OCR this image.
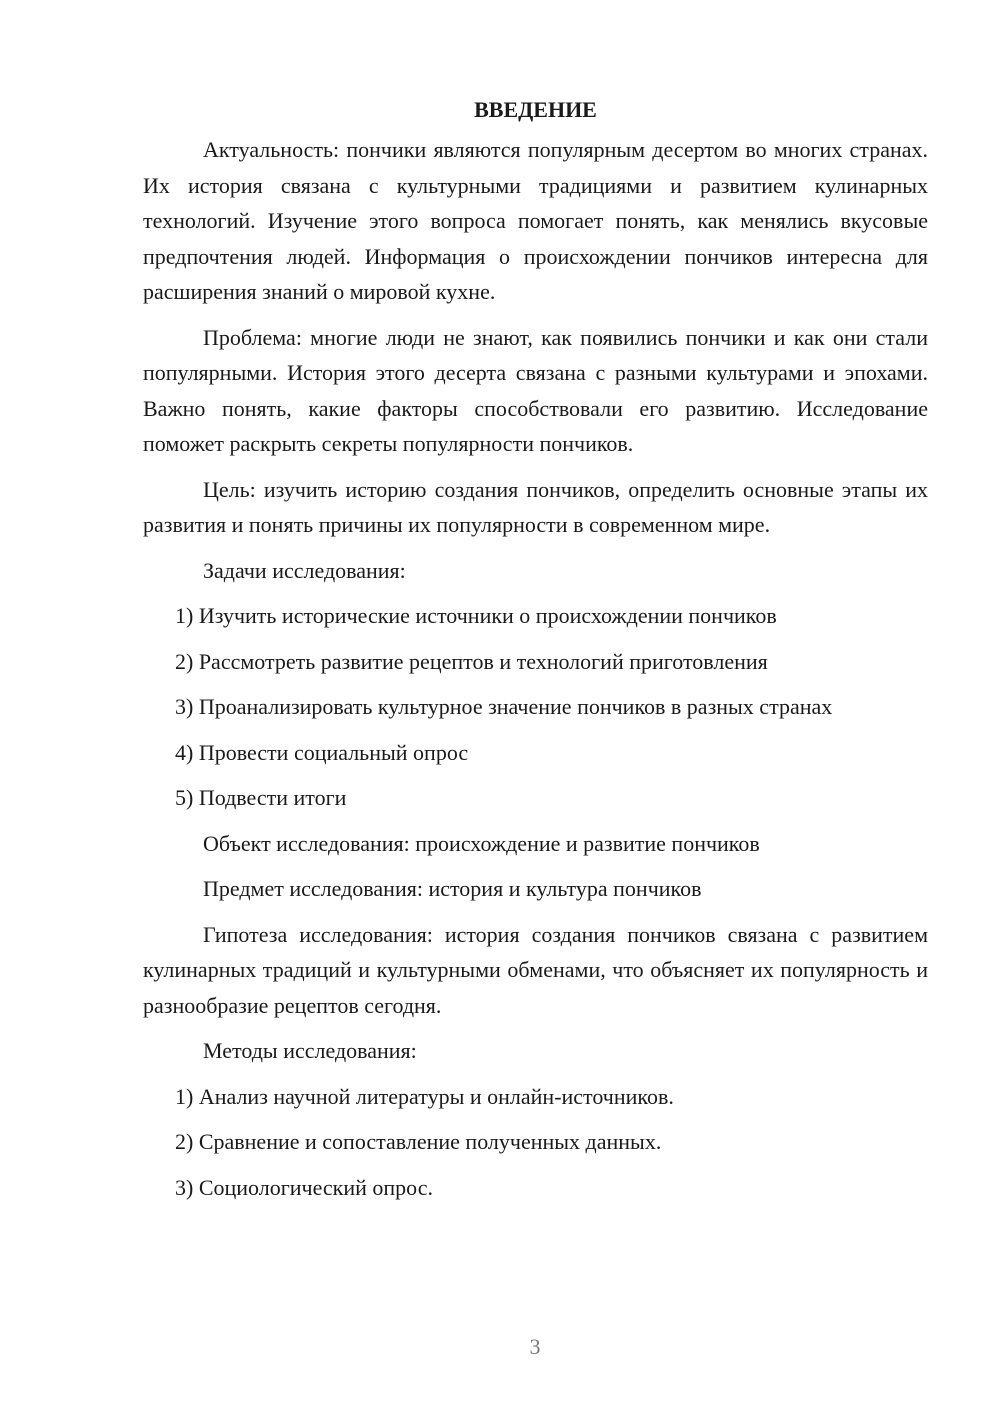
ВВЕДЕНИЕ

Актуальность: пончики являются популярным десертом во многих странах. Их история связана с культурными традициями и развитием кулинарных технологий. Изучение этого вопроса помогает понять, как менялись вкусовые предпочтения людей. Информация о происхождении пончиков интересна для расширения знаний о мировой кухне.

Проблема: многие люди не знают, как появились пончики и как они стали популярными. История этого десерта связана с разными культурами и эпохами. Важно понять, какие факторы способствовали его развитию. Исследование поможет раскрыть секреты популярности пончиков.

Цель: изучить историю создания пончиков, определить основные этапы их развития и понять причины их популярности в современном мире.

Задачи исследования:

1) Изучить исторические источники о происхождении пончиков

2) Рассмотреть развитие рецептов и технологий приготовления

3) Проанализировать культурное значение пончиков в разных странах

4) Провести социальный опрос

5) Подвести итоги

Объект исследования: происхождение и развитие пончиков

Предмет исследования: история и культура пончиков

Гипотеза исследования: история создания пончиков связана с развитием кулинарных традиций и культурными обменами, что объясняет их популярность и разнообразие рецептов сегодня.

Методы исследования:

1) Анализ научной литературы и онлайн-источников.

2) Сравнение и сопоставление полученных данных.

3) Социологический опрос.

3
